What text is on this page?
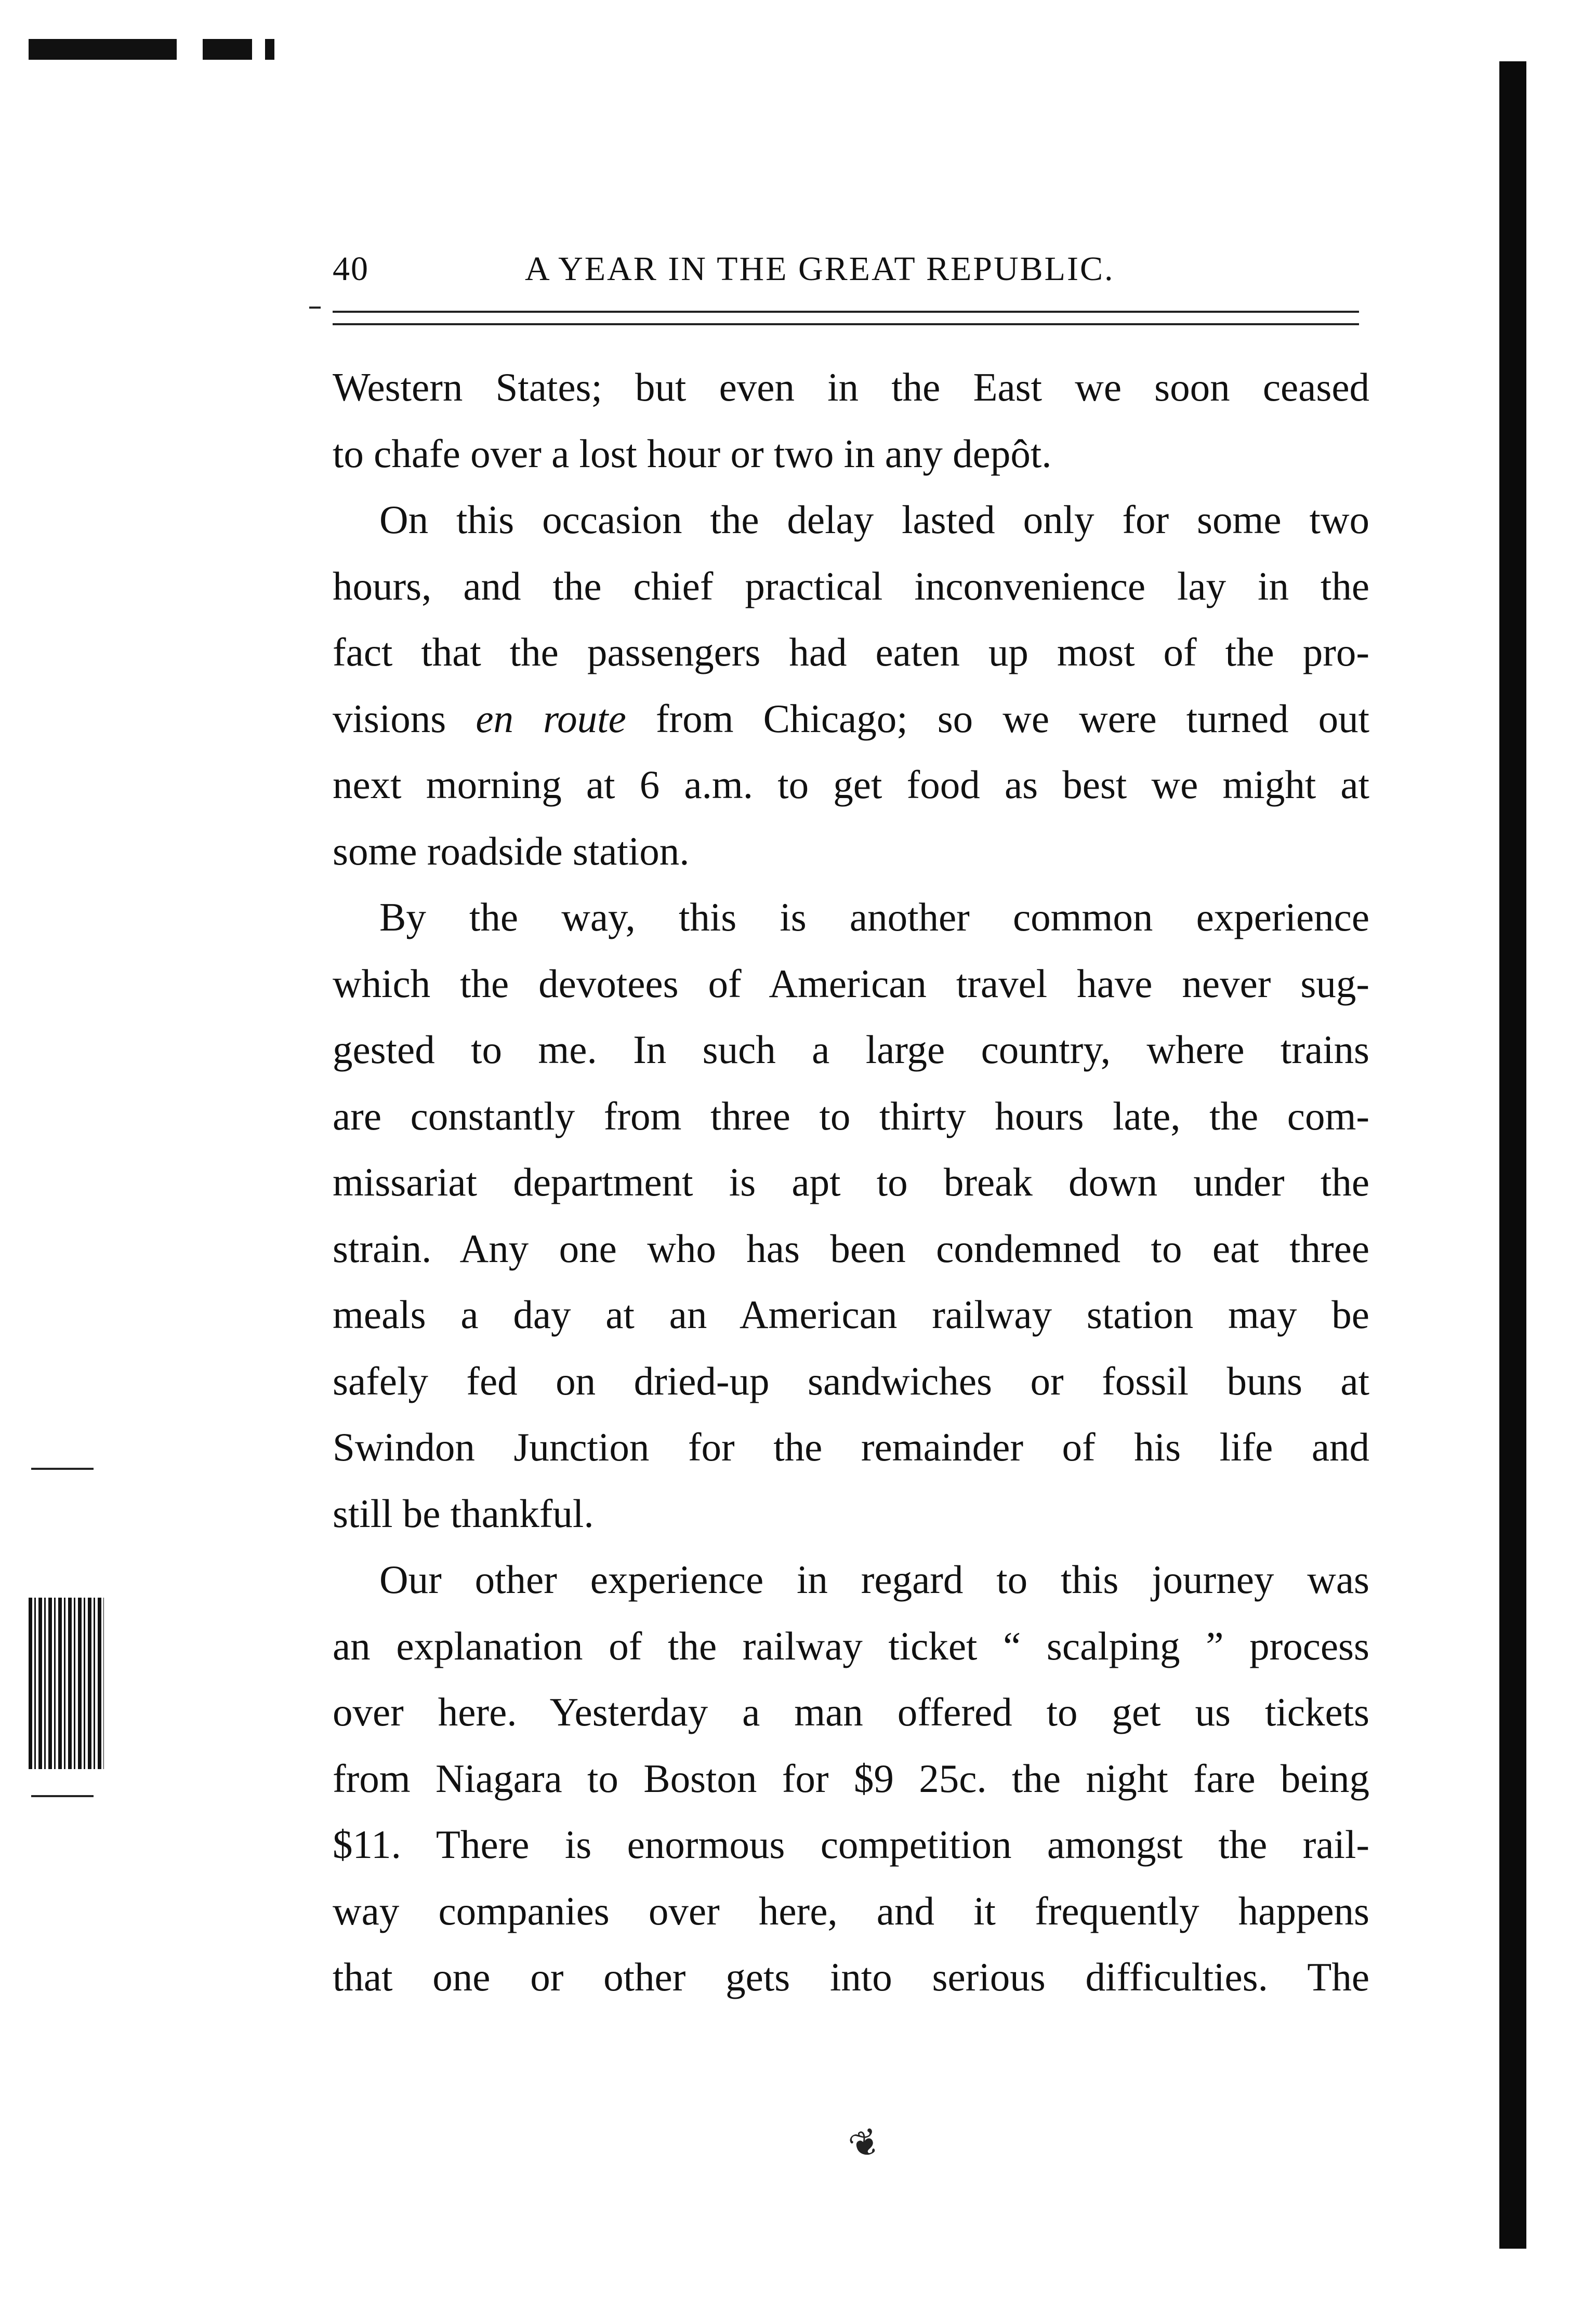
40	A YEAR IN THE GREAT REPUBLIC.
Western States; but even in the East we soon ceased
to chafe over a lost hour or two in any depôt.
On this occasion the delay lasted only for some two
hours, and the chief practical inconvenience lay in the
fact that the passengers had eaten up most of the pro-
visions en route from Chicago; so we were turned out
next morning at 6 a.m. to get food as best we might at
some roadside station.
By the way, this is another common experience
which the devotees of American travel have never sug-
gested to me. In such a large country, where trains
are constantly from three to thirty hours late, the com-
missariat department is apt to break down under the
strain. Any one who has been condemned to eat three
meals a day at an American railway station may be
safely fed on dried-up sandwiches or fossil buns at
Swindon Junction for the remainder of his life and
still be thankful.
Our other experience in regard to this journey was
an explanation of the railway ticket “ scalping ” process
over here. Yesterday a man offered to get us tickets
from Niagara to Boston for $9 25c. the night fare being
$11. There is enormous competition amongst the rail-
way companies over here, and it frequently happens
that one or other gets into serious difficulties. The
❦
